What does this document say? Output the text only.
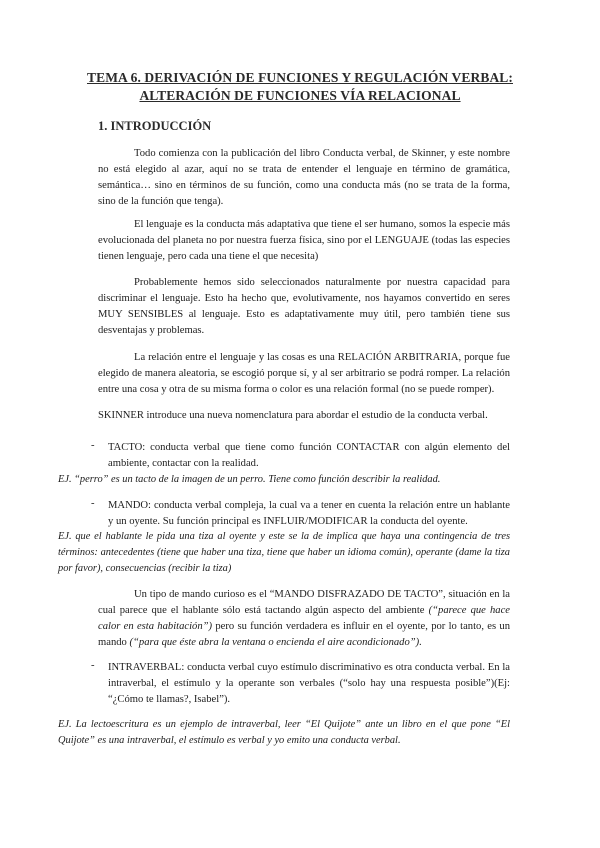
TEMA 6. DERIVACIÓN DE FUNCIONES Y REGULACIÓN VERBAL:
ALTERACIÓN DE FUNCIONES VÍA RELACIONAL
1. INTRODUCCIÓN

Todo comienza con la publicación del libro Conducta verbal, de Skinner, y este nombre no está elegido al azar, aquí no se trata de entender el lenguaje en término de gramática, semántica… sino en términos de su función, como una conducta más (no se trata de la forma, sino de la función que tenga).

El lenguaje es la conducta más adaptativa que tiene el ser humano, somos la especie más evolucionada del planeta no por nuestra fuerza física, sino por el LENGUAJE (todas las especies tienen lenguaje, pero cada una tiene el que necesita)

Probablemente hemos sido seleccionados naturalmente por nuestra capacidad para discriminar el lenguaje. Esto ha hecho que, evolutivamente, nos hayamos convertido en seres MUY SENSIBLES al lenguaje. Esto es adaptativamente muy útil, pero también tiene sus desventajas y problemas.

La relación entre el lenguaje y las cosas es una RELACIÓN ARBITRARIA, porque fue elegido de manera aleatoria, se escogió porque sí, y al ser arbitrario se podrá romper. La relación entre una cosa y otra de su misma forma o color es una relación formal (no se puede romper).

SKINNER introduce una nueva nomenclatura para abordar el estudio de la conducta verbal.

- TACTO: conducta verbal que tiene como función CONTACTAR con algún elemento del ambiente, contactar con la realidad.

EJ. “perro” es un tacto de la imagen de un perro. Tiene como función describir la realidad.

- MANDO: conducta verbal compleja, la cual va a tener en cuenta la relación entre un hablante y un oyente. Su función principal es INFLUIR/MODIFICAR la conducta del oyente.

EJ. que el hablante le pida una tiza al oyente y este se la de implica que haya una contingencia de tres términos: antecedentes (tiene que haber una tiza, tiene que haber un idioma común), operante (dame la tiza por favor), consecuencias (recibir la tiza)

Un tipo de mando curioso es el “MANDO DISFRAZADO DE TACTO”, situación en la cual parece que el hablante sólo está tactando algún aspecto del ambiente (“parece que hace calor en esta habitación”) pero su función verdadera es influir en el oyente, por lo tanto, es un mando (“para que éste abra la ventana o encienda el aire acondicionado”).

- INTRAVERBAL: conducta verbal cuyo estímulo discriminativo es otra conducta verbal. En la intraverbal, el estímulo y la operante son verbales (“solo hay una respuesta posible”)(Ej: “¿Cómo te llamas?, Isabel”).

EJ. La lectoescritura es un ejemplo de intraverbal, leer “El Quijote” ante un libro en el que pone “El Quijote” es una intraverbal, el estímulo es verbal y yo emito una conducta verbal.
